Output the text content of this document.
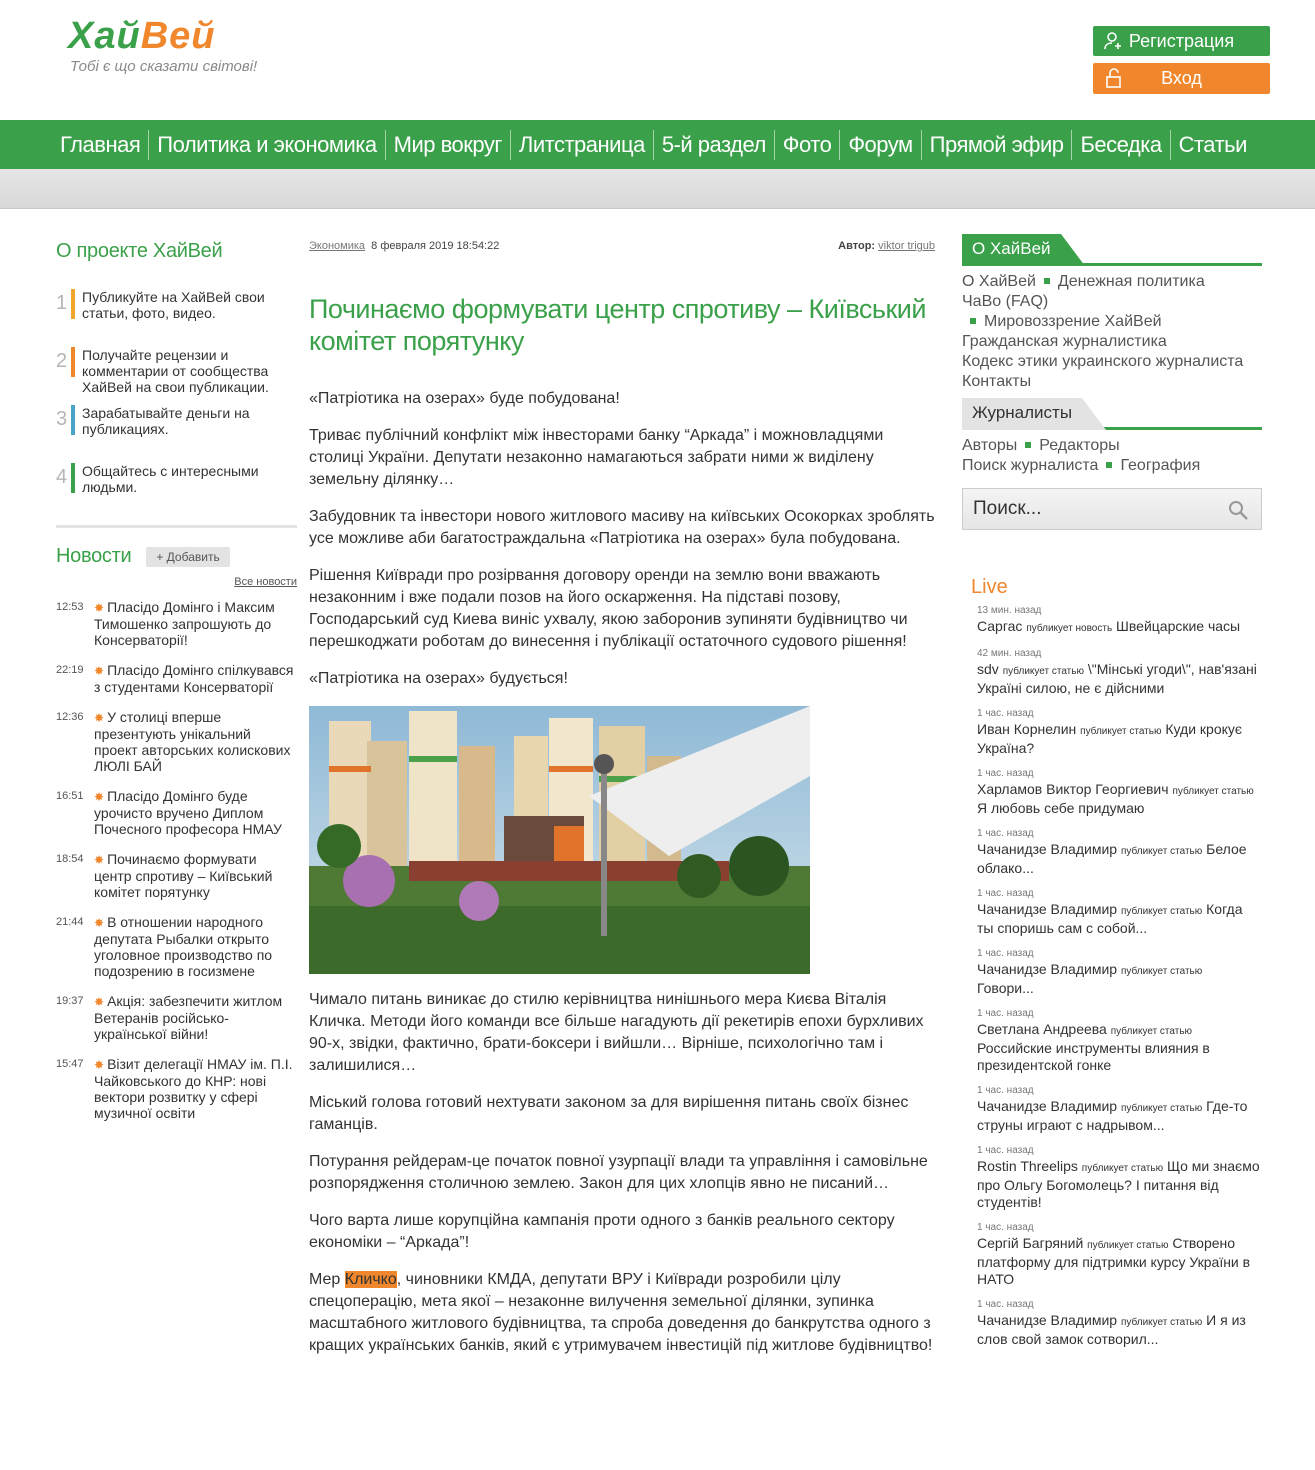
ХайВей
Тобі є що сказати світові!
Регистрация
Вход
Главная Политика и экономика Мир вокруг Литстраница 5-й раздел Фото Форум Прямой эфир Беседка Статьи
О проекте ХайВей
1 Публикуйте на ХайВей свои статьи, фото, видео.
2 Получайте рецензии и комментарии от сообщества ХайВей на свои публикации.
3 Зарабатывайте деньги на публикациях.
4 Общайтесь с интересными людьми.
Новости	+ Добавить
Все новости
12:53 ✸ Пласідо Домінго і Максим Тимошенко запрошують до Консерваторії!
22:19 ✸ Пласідо Домінго спілкувався з студентами Консерваторії
12:36 ✸ У столиці вперше презентують унікальний проект авторських колискових ЛЮЛІ БАЙ
16:51 ✸ Пласідо Домінго буде урочисто вручено Диплом Почесного професора НМАУ
18:54 ✸ Починаємо формувати центр спротиву – Київський комітет порятунку
21:44 ✸ В отношении народного депутата Рыбалки открыто уголовное производство по подозрению в госизмене
19:37 ✸ Акція: забезпечити житлом Ветеранів російсько-української війни!
15:47 ✸ Візит делегації НМАУ ім. П.І. Чайковського до КНР: нові вектори розвитку у сфері музичної освіти
Экономика 8 февраля 2019 18:54:22	Автор: viktor trigub
Починаємо формувати центр спротиву – Київський комітет порятунку

«Патріотика на озерах» буде побудована!

Триває публічний конфлікт між інвесторами банку “Аркада” і можновладцями столиці України. Депутати незаконно намагаються забрати ними ж виділену земельну ділянку…

Забудовник та інвестори нового житлового масиву на київських Осокорках зроблять усе можливе аби багатостраждальна «Патріотика на озерах» була побудована.

Рішення Київради про розірвання договору оренди на землю вони вважають незаконним і вже подали позов на його оскарження. На підставі позову, Господарський суд Киева виніс ухвалу, якою заборонив зупиняти будівництво чи перешкоджати роботам до винесення і публікації остаточного судового рішення!

«Патріотика на озерах» будується!

Чимало питань виникає до стилю керівництва нинішнього мера Києва Віталія Кличка. Методи його команди все більше нагадують дії рекетирів епохи бурхливих 90-х, звідки, фактично, брати-боксери і вийшли… Вірніше, психологічно там і залишилися…

Міський голова готовий нехтувати законом за для вирішення питань своїх бізнес гаманців.

Потурання рейдерам-це початок повної узурпації влади та управління і самовільне розпорядження столичною землею. Закон для цих хлопців явно не писаний…

Чого варта лише корупційна кампанія проти одного з банків реального сектору економіки – “Аркада”!

Мер Кличко, чиновники КМДА, депутати ВРУ і Київради розробили цілу спецоперацію, мета якої – незаконне вилучення земельної ділянки, зупинка масштабного житлового будівництва, та спроба доведення до банкрутства одного з кращих українських банків, який є утримувачем інвестицій під житлове будівництво!

О ХайВей
О ХайВей Денежная политика
ЧаВо (FAQ)
Мировоззрение ХайВей
Гражданская журналистика
Кодекс этики украинского журналиста
Контакты
Журналисты
Авторы Редакторы
Поиск журналиста География
Поиск...
Live
13 мин. назад
Саргас публикует новость Швейцарские часы
42 мин. назад
sdv публикует статью \"Мінські угоди\", нав'язані Україні силою, не є дійсними
1 час. назад
Иван Корнелин публикует статью Куди крокує Україна?
1 час. назад
Харламов Виктор Георгиевич публикует статью Я любовь себе придумаю
1 час. назад
Чачанидзе Владимир публикует статью Белое облако...
1 час. назад
Чачанидзе Владимир публикует статью Когда ты споришь сам с собой...
1 час. назад
Чачанидзе Владимир публикует статью Говори...
1 час. назад
Светлана Андреева публикует статью Российские инструменты влияния в президентской гонке
1 час. назад
Чачанидзе Владимир публикует статью Где-то струны играют с надрывом...
1 час. назад
Rostin Threelips публикует статью Що ми знаємо про Ольгу Богомолець? І питання від студентів!
1 час. назад
Сергій Багряний публикует статью Створено платформу для підтримки курсу України в НАТО
1 час. назад
Чачанидзе Владимир публикует статью И я из слов свой замок сотворил...
